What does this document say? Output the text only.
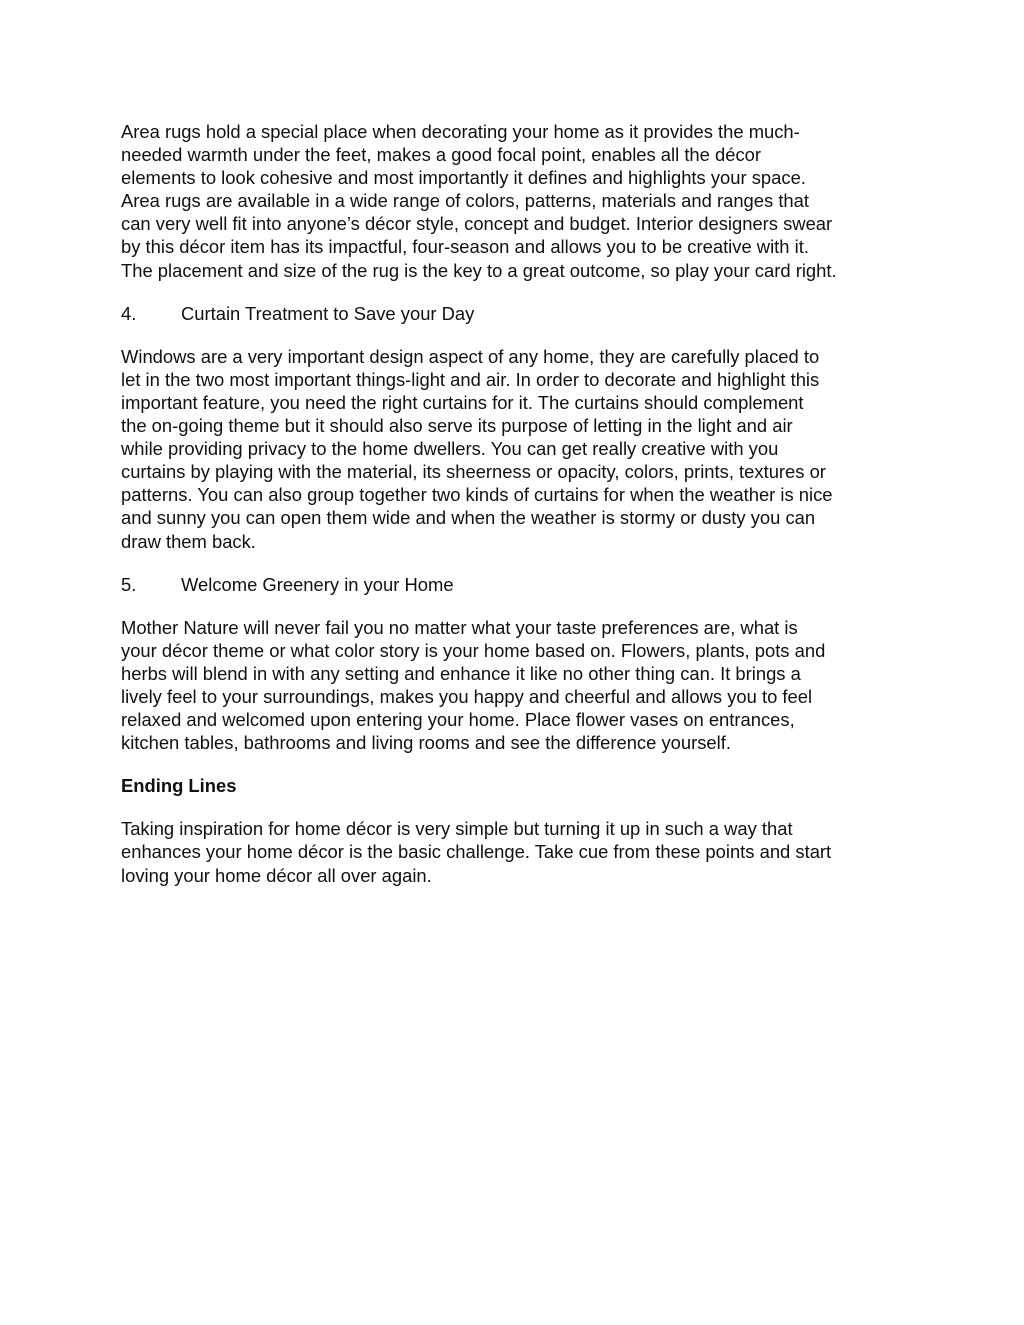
Area rugs hold a special place when decorating your home as it provides the much-
needed warmth under the feet, makes a good focal point, enables all the décor
elements to look cohesive and most importantly it defines and highlights your space.
Area rugs are available in a wide range of colors, patterns, materials and ranges that
can very well fit into anyone’s décor style, concept and budget. Interior designers swear
by this décor item has its impactful, four-season and allows you to be creative with it.
The placement and size of the rug is the key to a great outcome, so play your card right.

4.	Curtain Treatment to Save your Day

Windows are a very important design aspect of any home, they are carefully placed to
let in the two most important things-light and air. In order to decorate and highlight this
important feature, you need the right curtains for it. The curtains should complement
the on-going theme but it should also serve its purpose of letting in the light and air
while providing privacy to the home dwellers. You can get really creative with you
curtains by playing with the material, its sheerness or opacity, colors, prints, textures or
patterns. You can also group together two kinds of curtains for when the weather is nice
and sunny you can open them wide and when the weather is stormy or dusty you can
draw them back.

5.	Welcome Greenery in your Home

Mother Nature will never fail you no matter what your taste preferences are, what is
your décor theme or what color story is your home based on. Flowers, plants, pots and
herbs will blend in with any setting and enhance it like no other thing can. It brings a
lively feel to your surroundings, makes you happy and cheerful and allows you to feel
relaxed and welcomed upon entering your home. Place flower vases on entrances,
kitchen tables, bathrooms and living rooms and see the difference yourself.

Ending Lines

Taking inspiration for home décor is very simple but turning it up in such a way that
enhances your home décor is the basic challenge. Take cue from these points and start
loving your home décor all over again.
